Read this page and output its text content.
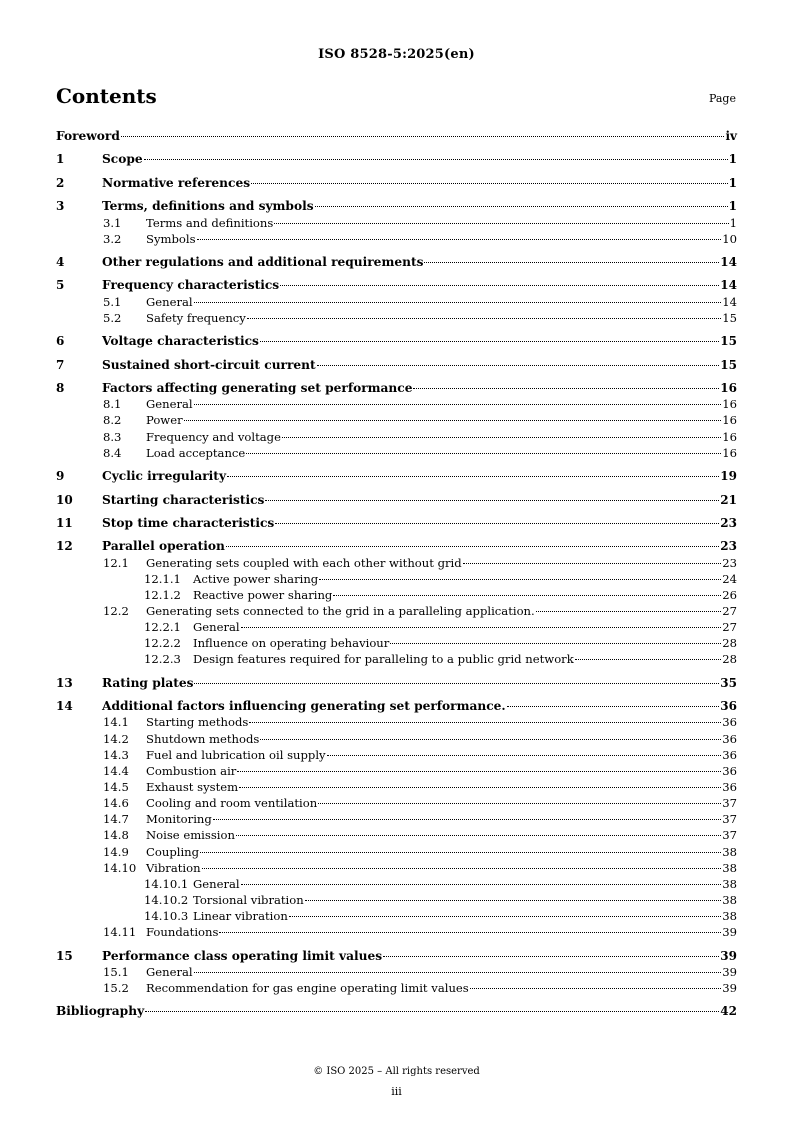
ISO 8528-5:2025(en)
Contents	Page
Foreword	iv
1	Scope	1
2	Normative references	1
3	Terms, definitions and symbols	1
3.1 Terms and definitions	1
3.2 Symbols	10
4	Other regulations and additional requirements	14
5	Frequency characteristics	14
5.1 General	14
5.2 Safety frequency	15
6	Voltage characteristics	15
7	Sustained short-circuit current	15
8	Factors affecting generating set performance	16
8.1 General	16
8.2 Power	16
8.3 Frequency and voltage	16
8.4 Load acceptance	16
9	Cyclic irregularity	19
10 Starting characteristics	21
11 Stop time characteristics	23
12 Parallel operation	23
12.1 Generating sets coupled with each other without grid	23
12.1.1 Active power sharing	24
12.1.2 Reactive power sharing	26
12.2 Generating sets connected to the grid in a paralleling application.	27
12.2.1 General	27
12.2.2 Influence on operating behaviour	28
12.2.3 Design features required for paralleling to a public grid network	28
13 Rating plates	35
14 Additional factors influencing generating set performance.	36
14.1 Starting methods	36
14.2 Shutdown methods	36
14.3 Fuel and lubrication oil supply	36
14.4 Combustion air	36
14.5 Exhaust system	36
14.6 Cooling and room ventilation	37
14.7 Monitoring	37
14.8 Noise emission	37
14.9 Coupling	38
14.10 Vibration	38
14.10.1 General	38
14.10.2 Torsional vibration	38
14.10.3 Linear vibration	38
14.11 Foundations	39
15 Performance class operating limit values	39
15.1 General	39
15.2 Recommendation for gas engine operating limit values	39
Bibliography	42
© ISO 2025 – All rights reserved
iii
